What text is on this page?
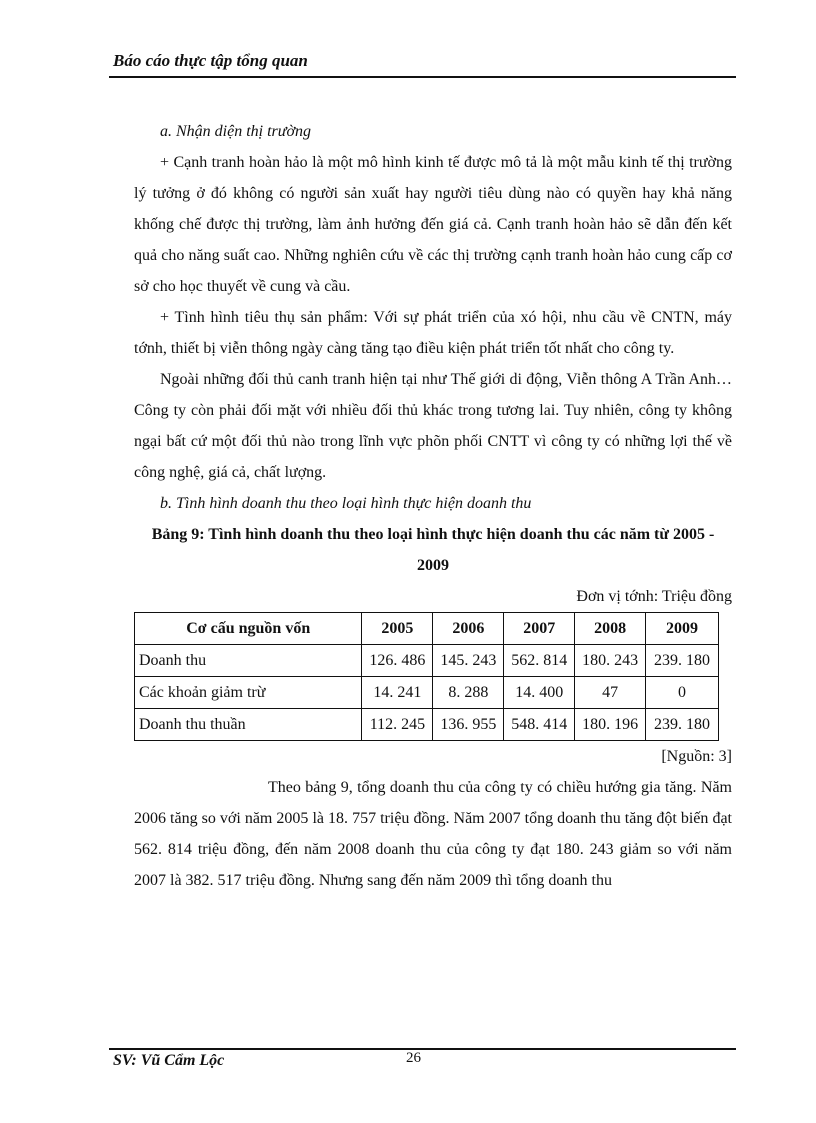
Báo cáo thực tập tổng quan

a. Nhận diện thị trường

+ Cạnh tranh hoàn hảo là một mô hình kinh tế được mô tả là một mẫu kinh tế thị trường lý tưởng ở đó không có người sản xuất hay người tiêu dùng nào có quyền hay khả năng khống chế được thị trường, làm ảnh hưởng đến giá cả. Cạnh tranh hoàn hảo sẽ dẫn đến kết quả cho năng suất cao. Những nghiên cứu về các thị trường cạnh tranh hoàn hảo cung cấp cơ sở cho học thuyết về cung và cầu.

+ Tình hình tiêu thụ sản phẩm: Với sự phát triển của xó hội, nhu cầu về CNTN, máy tớnh, thiết bị viễn thông ngày càng tăng tạo điều kiện phát triển tốt nhất cho công ty.

Ngoài những đối thủ canh tranh hiện tại như Thế giới di động, Viễn thông A Trần Anh… Công ty còn phải đối mặt với nhiều đối thủ khác trong tương lai. Tuy nhiên, công ty không ngại bất cứ một đối thủ nào trong lĩnh vực phõn phối CNTT vì công ty có những lợi thế về công nghệ, giá cả, chất lượng.

b. Tình hình doanh thu theo loại hình thực hiện doanh thu

Bảng 9: Tình hình doanh thu theo loại hình thực hiện doanh thu các năm từ 2005 - 2009

Đơn vị tớnh: Triệu đồng

Cơ cấu nguồn vốn	2005	2006	2007	2008	2009
Doanh thu	126. 486	145. 243	562. 814	180. 243	239. 180
Các khoản giảm trừ	14. 241	8. 288	14. 400	47	0
Doanh thu thuần	112. 245	136. 955	548. 414	180. 196	239. 180

[Nguồn: 3]

Theo bảng 9, tổng doanh thu của công ty có chiều hướng gia tăng. Năm 2006 tăng so với năm 2005 là 18. 757 triệu đồng. Năm 2007 tổng doanh thu tăng đột biến đạt 562. 814 triệu đồng, đến năm 2008 doanh thu của công ty đạt 180. 243 giảm so với năm 2007 là 382. 517 triệu đồng. Nhưng sang đến năm 2009 thì tổng doanh thu

SV: Vũ Cẩm Lộc	26
